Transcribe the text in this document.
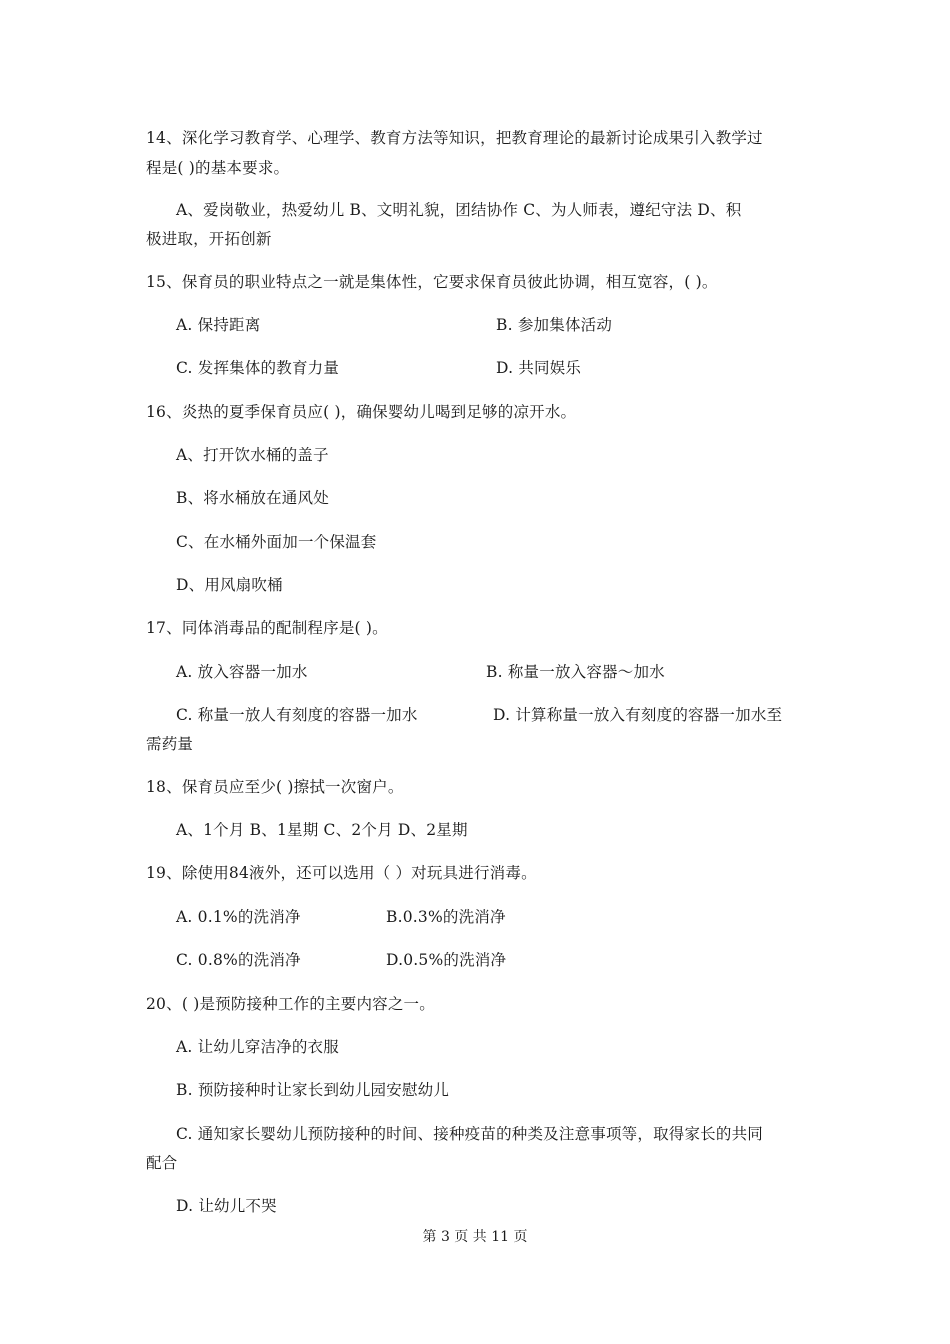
14、深化学习教育学、心理学、教育方法等知识，把教育理论的最新讨论成果引入教学过
程是( )的基本要求。
A、爱岗敬业，热爱幼儿 B、文明礼貌，团结协作 C、为人师表，遵纪守法 D、积
极进取，开拓创新
15、保育员的职业特点之一就是集体性，它要求保育员彼此协调，相互宽容，( )。
A. 保持距离	B. 参加集体活动
C. 发挥集体的教育力量	D. 共同娱乐
16、炎热的夏季保育员应( )，确保婴幼儿喝到足够的凉开水。
A、打开饮水桶的盖子
B、将水桶放在通风处
C、在水桶外面加一个保温套
D、用风扇吹桶
17、同体消毒品的配制程序是( )。
A. 放入容器一加水	B. 称量一放入容器～加水
C. 称量一放人有刻度的容器一加水	D. 计算称量一放入有刻度的容器一加水至
需药量
18、保育员应至少( )擦拭一次窗户。
A、1个月 B、1星期 C、2个月 D、2星期
19、除使用84液外，还可以选用（ ）对玩具进行消毒。
A. 0.1%的洗消净	B.0.3%的洗消净
C. 0.8%的洗消净	D.0.5%的洗消净
20、( )是预防接种工作的主要内容之一。
A. 让幼儿穿洁净的衣服
B. 预防接种时让家长到幼儿园安慰幼儿
C. 通知家长婴幼儿预防接种的时间、接种疫苗的种类及注意事项等，取得家长的共同
配合
D. 让幼儿不哭
第 3 页 共 11 页
